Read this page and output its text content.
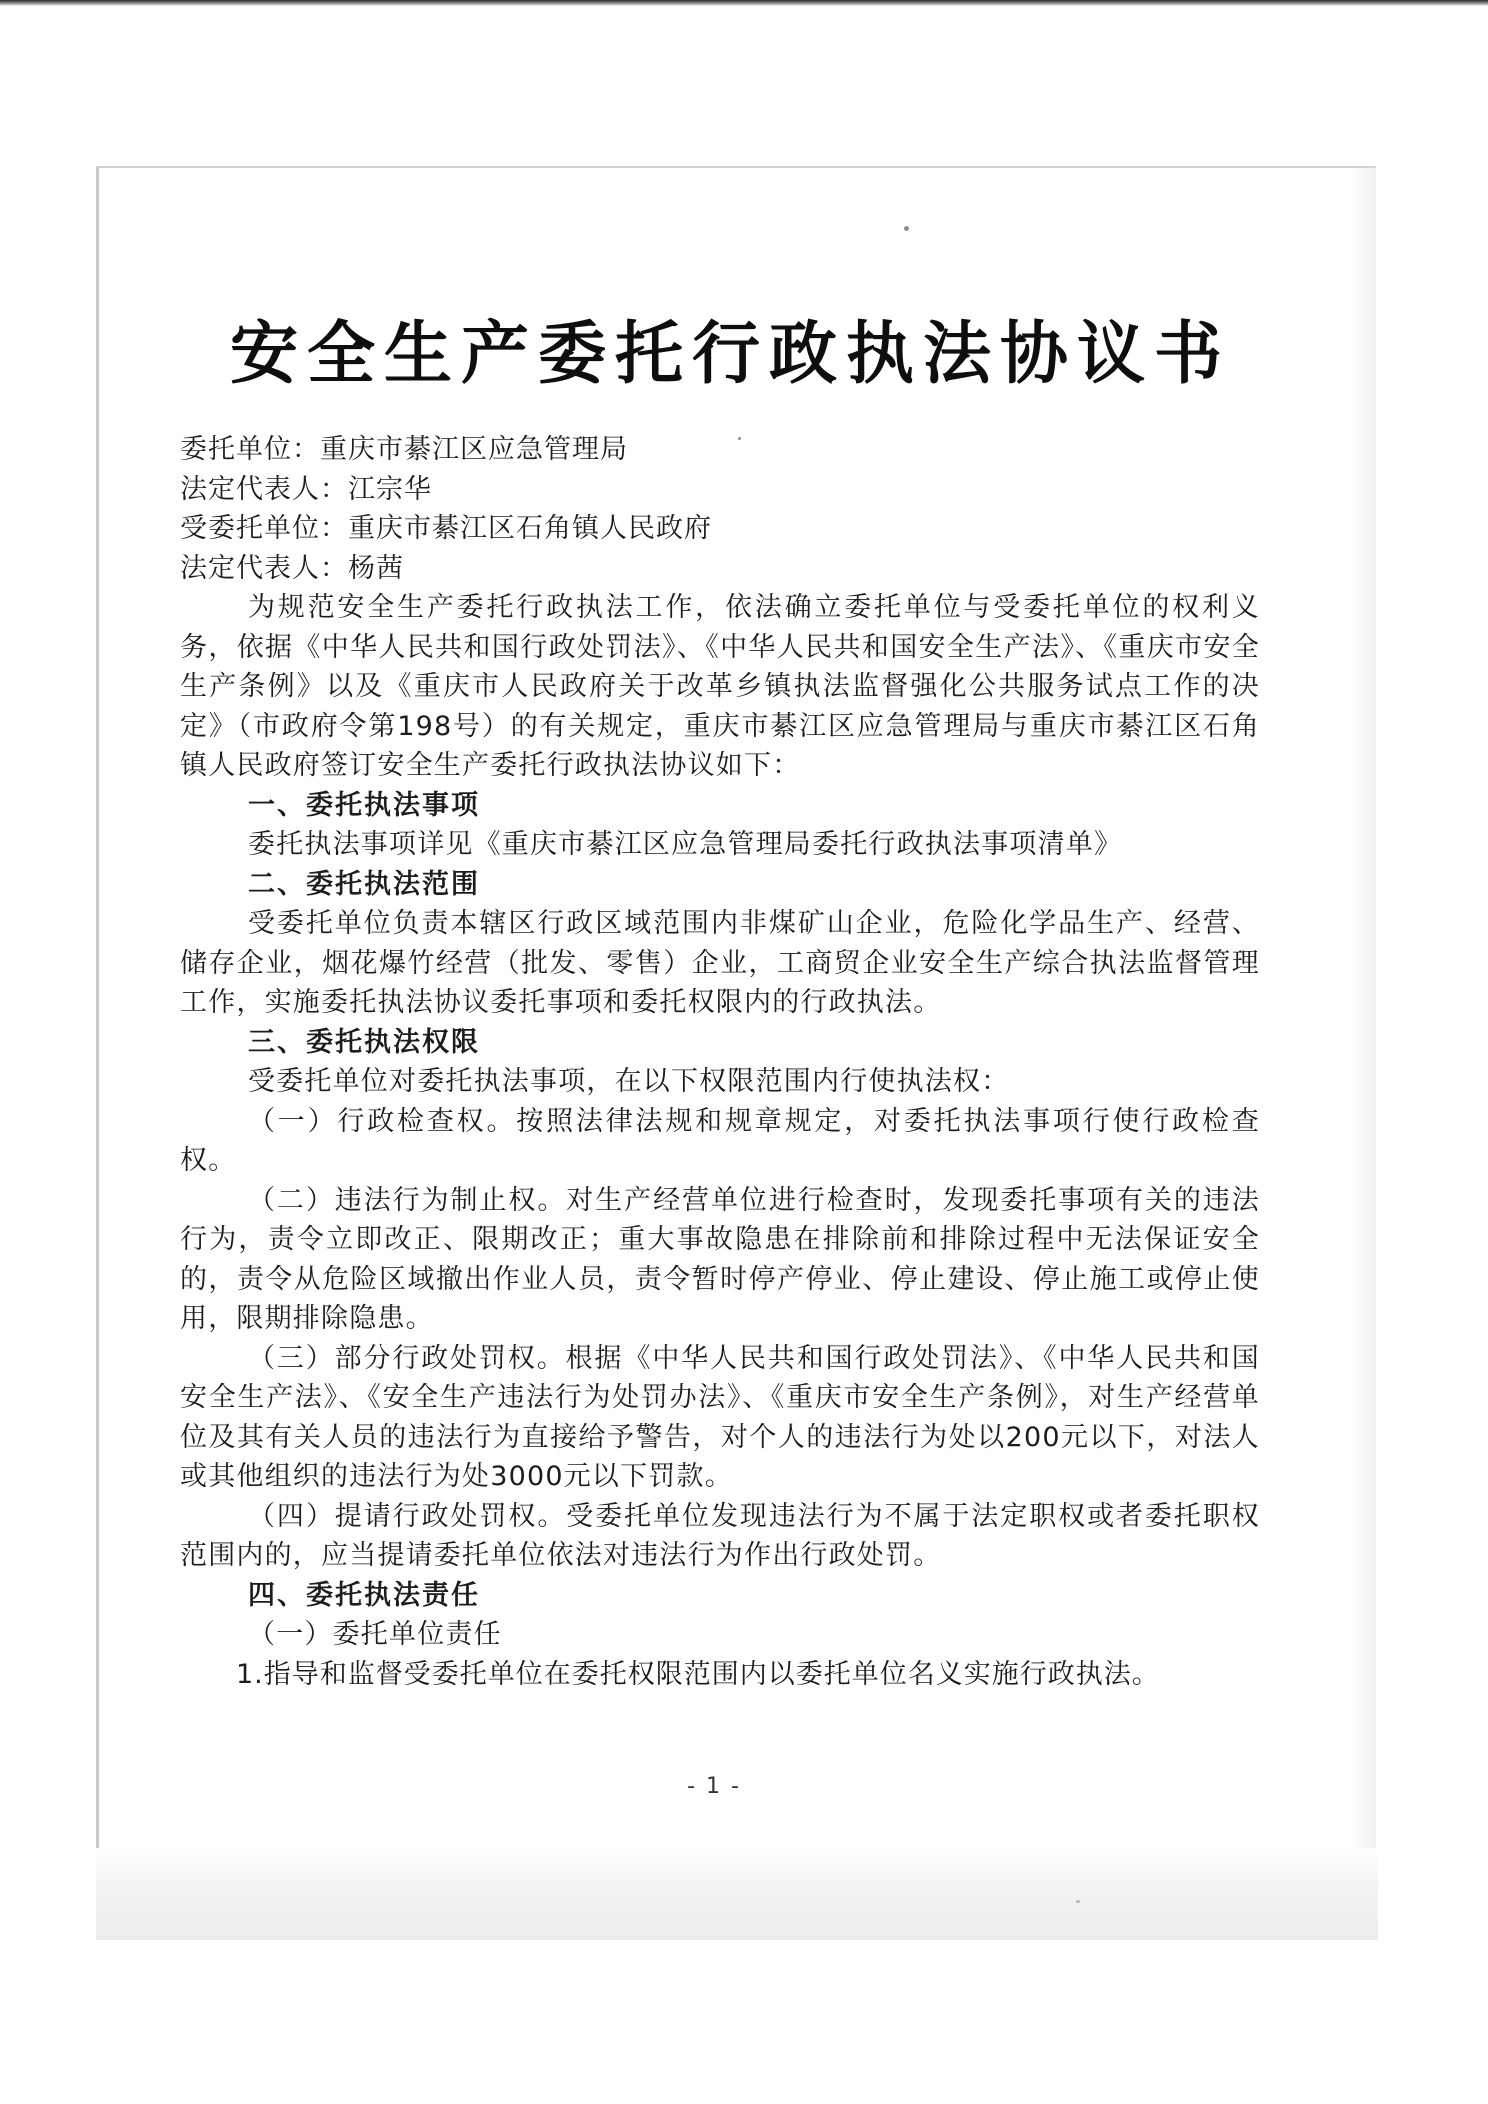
安全生产委托行政执法协议书

委托单位：重庆市綦江区应急管理局

法定代表人：江宗华

受委托单位：重庆市綦江区石角镇人民政府

法定代表人：杨茜

为规范安全生产委托行政执法工作，依法确立委托单位与受委托单位的权利义务，依据《中华人民共和国行政处罚法》、《中华人民共和国安全生产法》、《重庆市安全生产条例》以及《重庆市人民政府关于改革乡镇执法监督强化公共服务试点工作的决定》（市政府令第198号）的有关规定，重庆市綦江区应急管理局与重庆市綦江区石角镇人民政府签订安全生产委托行政执法协议如下：

一、委托执法事项

委托执法事项详见《重庆市綦江区应急管理局委托行政执法事项清单》

二、委托执法范围

受委托单位负责本辖区行政区域范围内非煤矿山企业，危险化学品生产、经营、储存企业，烟花爆竹经营（批发、零售）企业，工商贸企业安全生产综合执法监督管理工作，实施委托执法协议委托事项和委托权限内的行政执法。

三、委托执法权限

受委托单位对委托执法事项，在以下权限范围内行使执法权：

（一）行政检查权。按照法律法规和规章规定，对委托执法事项行使行政检查权。

（二）违法行为制止权。对生产经营单位进行检查时，发现委托事项有关的违法行为，责令立即改正、限期改正；重大事故隐患在排除前和排除过程中无法保证安全的，责令从危险区域撤出作业人员，责令暂时停产停业、停止建设、停止施工或停止使用，限期排除隐患。

（三）部分行政处罚权。根据《中华人民共和国行政处罚法》、《中华人民共和国安全生产法》、《安全生产违法行为处罚办法》、《重庆市安全生产条例》，对生产经营单位及其有关人员的违法行为直接给予警告，对个人的违法行为处以200元以下，对法人或其他组织的违法行为处3000元以下罚款。

（四）提请行政处罚权。受委托单位发现违法行为不属于法定职权或者委托职权范围内的，应当提请委托单位依法对违法行为作出行政处罚。

四、委托执法责任

（一）委托单位责任

1.指导和监督受委托单位在委托权限范围内以委托单位名义实施行政执法。

- 1 -
